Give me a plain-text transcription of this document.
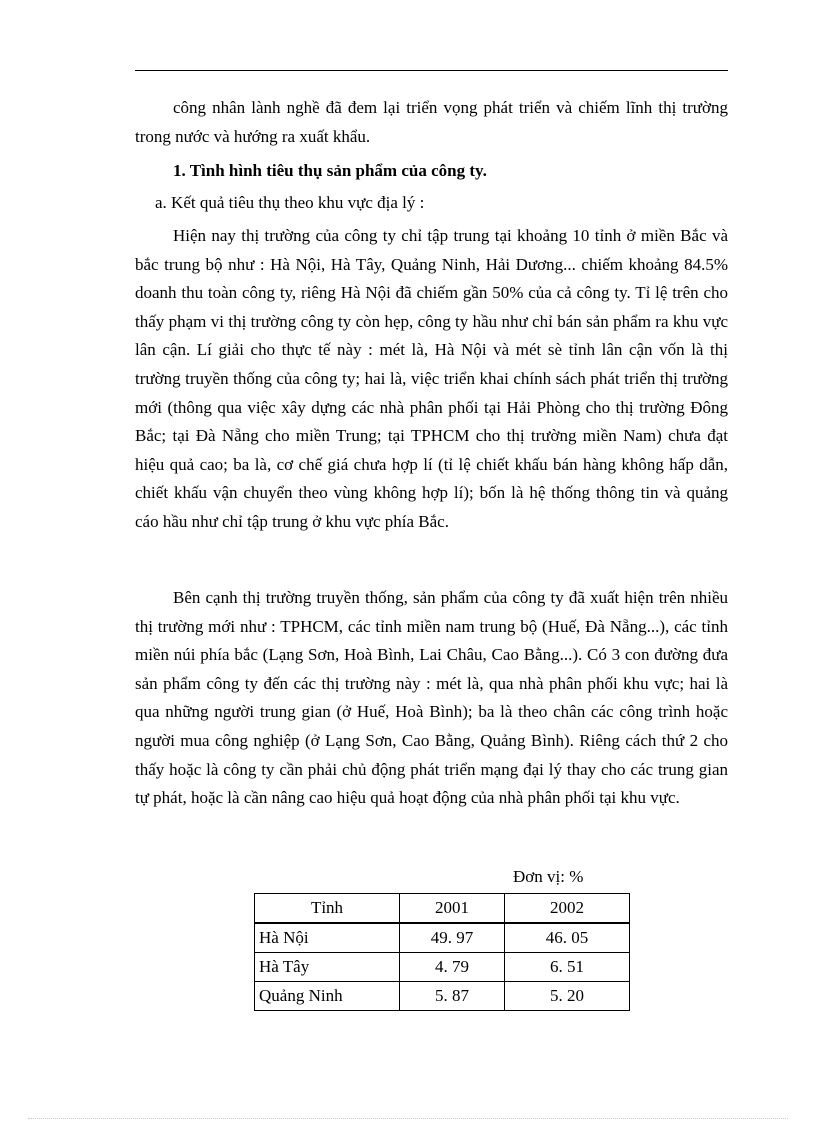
công nhân lành nghề đã đem lại triển vọng phát triển và chiếm lĩnh thị trường trong nước và hướng ra xuất khẩu.

1. Tình hình tiêu thụ sản phẩm của công ty.
a. Kết quả tiêu thụ theo khu vực địa lý :

Hiện nay thị trường của công ty chỉ tập trung tại khoảng 10 tỉnh ở miền Bắc và bắc trung bộ như : Hà Nội, Hà Tây, Quảng Ninh, Hải Dương... chiếm khoảng 84.5% doanh thu toàn công ty, riêng Hà Nội đã chiếm gần 50% của cả công ty. Tỉ lệ trên cho thấy phạm vi thị trường công ty còn hẹp, công ty hầu như chỉ bán sản phẩm ra khu vực lân cận. Lí giải cho thực tế này : mét là, Hà Nội và mét sè tỉnh lân cận vốn là thị trường truyền thống của công ty; hai là, việc triển khai chính sách phát triển thị trường mới (thông qua việc xây dựng các nhà phân phối tại Hải Phòng cho thị trường Đông Bắc; tại Đà Nẵng cho miền Trung; tại TPHCM cho thị trường miền Nam) chưa đạt hiệu quả cao; ba là, cơ chế giá chưa hợp lí (tỉ lệ chiết khấu bán hàng không hấp dẫn, chiết khấu vận chuyển theo vùng không hợp lí); bốn là hệ thống thông tin và quảng cáo hầu như chỉ tập trung ở khu vực phía Bắc.

Bên cạnh thị trường truyền thống, sản phẩm của công ty đã xuất hiện trên nhiều thị trường mới như : TPHCM, các tỉnh miền nam trung bộ (Huế, Đà Nẵng...), các tỉnh miền núi phía bắc (Lạng Sơn, Hoà Bình, Lai Châu, Cao Bằng...). Có 3 con đường đưa sản phẩm công ty đến các thị trường này : mét là, qua nhà phân phối khu vực; hai là qua những người trung gian (ở Huế, Hoà Bình); ba là theo chân các công trình hoặc người mua công nghiệp (ở Lạng Sơn, Cao Bằng, Quảng Bình). Riêng cách thứ 2 cho thấy hoặc là công ty cần phải chủ động phát triển mạng đại lý thay cho các trung gian tự phát, hoặc là cần nâng cao hiệu quả hoạt động của nhà phân phối tại khu vực.

Đơn vị: %
Tỉnh	2001	2002
Hà Nội	49. 97	46. 05
Hà Tây	4. 79	6. 51
Quảng Ninh	5. 87	5. 20
